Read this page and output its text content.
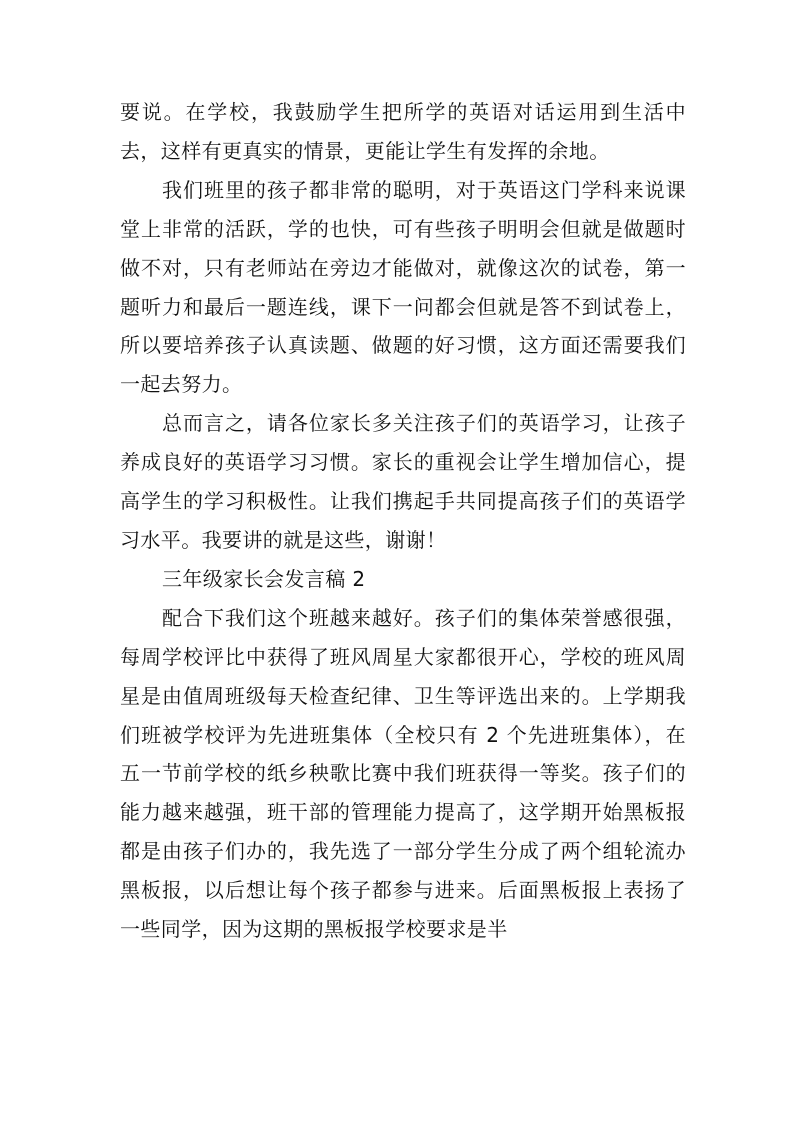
要说。在学校，我鼓励学生把所学的英语对话运用到生活中去，这样有更真实的情景，更能让学生有发挥的余地。

我们班里的孩子都非常的聪明，对于英语这门学科来说课堂上非常的活跃，学的也快，可有些孩子明明会但就是做题时做不对，只有老师站在旁边才能做对，就像这次的试卷，第一题听力和最后一题连线，课下一问都会但就是答不到试卷上，所以要培养孩子认真读题、做题的好习惯，这方面还需要我们一起去努力。

总而言之，请各位家长多关注孩子们的英语学习，让孩子养成良好的英语学习习惯。家长的重视会让学生增加信心，提高学生的学习积极性。让我们携起手共同提高孩子们的英语学习水平。我要讲的就是这些，谢谢！

三年级家长会发言稿 2

配合下我们这个班越来越好。孩子们的集体荣誉感很强，每周学校评比中获得了班风周星大家都很开心，学校的班风周星是由值周班级每天检查纪律、卫生等评选出来的。上学期我们班被学校评为先进班集体（全校只有 2 个先进班集体），在五一节前学校的纸乡秧歌比赛中我们班获得一等奖。孩子们的能力越来越强，班干部的管理能力提高了，这学期开始黑板报都是由孩子们办的，我先选了一部分学生分成了两个组轮流办黑板报，以后想让每个孩子都参与进来。后面黑板报上表扬了一些同学，因为这期的黑板报学校要求是半
